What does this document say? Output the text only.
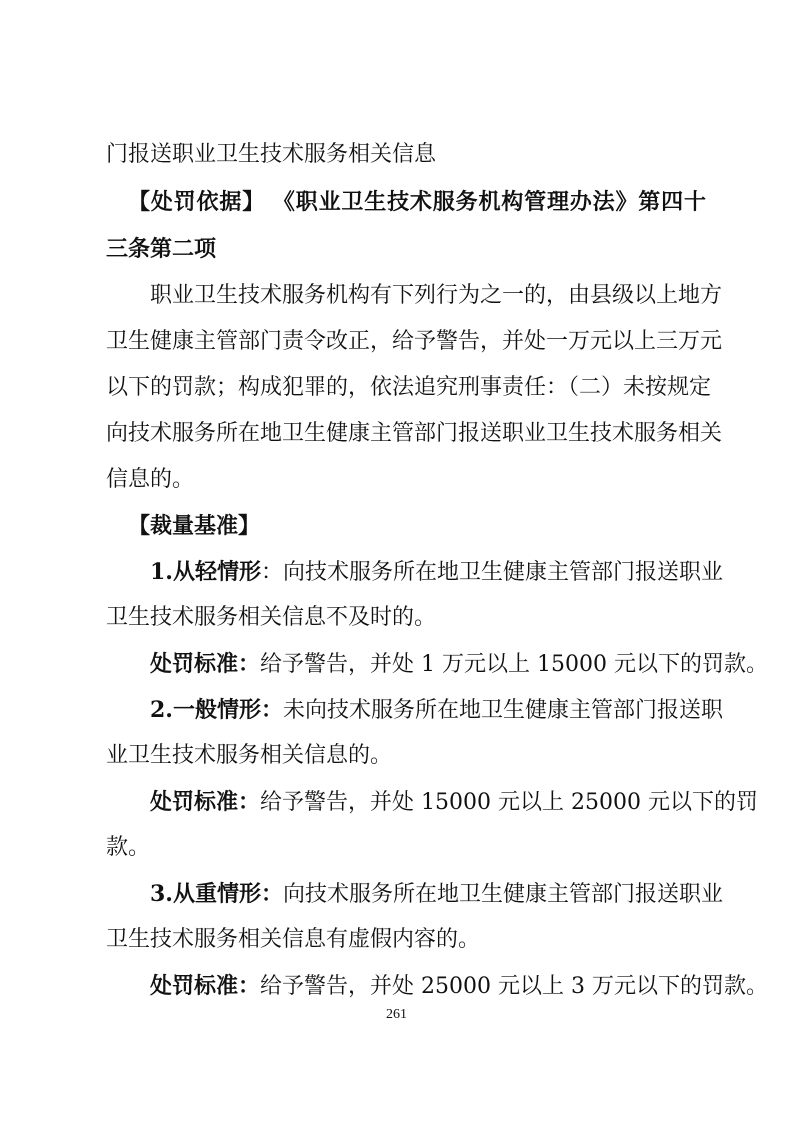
门报送职业卫生技术服务相关信息
【处罚依据】 《职业卫生技术服务机构管理办法》第四十
三条第二项
职业卫生技术服务机构有下列行为之一的，由县级以上地方
卫生健康主管部门责令改正，给予警告，并处一万元以上三万元
以下的罚款；构成犯罪的，依法追究刑事责任：（二）未按规定
向技术服务所在地卫生健康主管部门报送职业卫生技术服务相关
信息的。
【裁量基准】
1.从轻情形：向技术服务所在地卫生健康主管部门报送职业
卫生技术服务相关信息不及时的。
处罚标准：给予警告，并处 1 万元以上 15000 元以下的罚款。
2.一般情形：未向技术服务所在地卫生健康主管部门报送职
业卫生技术服务相关信息的。
处罚标准：给予警告，并处 15000 元以上 25000 元以下的罚
款。
3.从重情形：向技术服务所在地卫生健康主管部门报送职业
卫生技术服务相关信息有虚假内容的。
处罚标准：给予警告，并处 25000 元以上 3 万元以下的罚款。
261
